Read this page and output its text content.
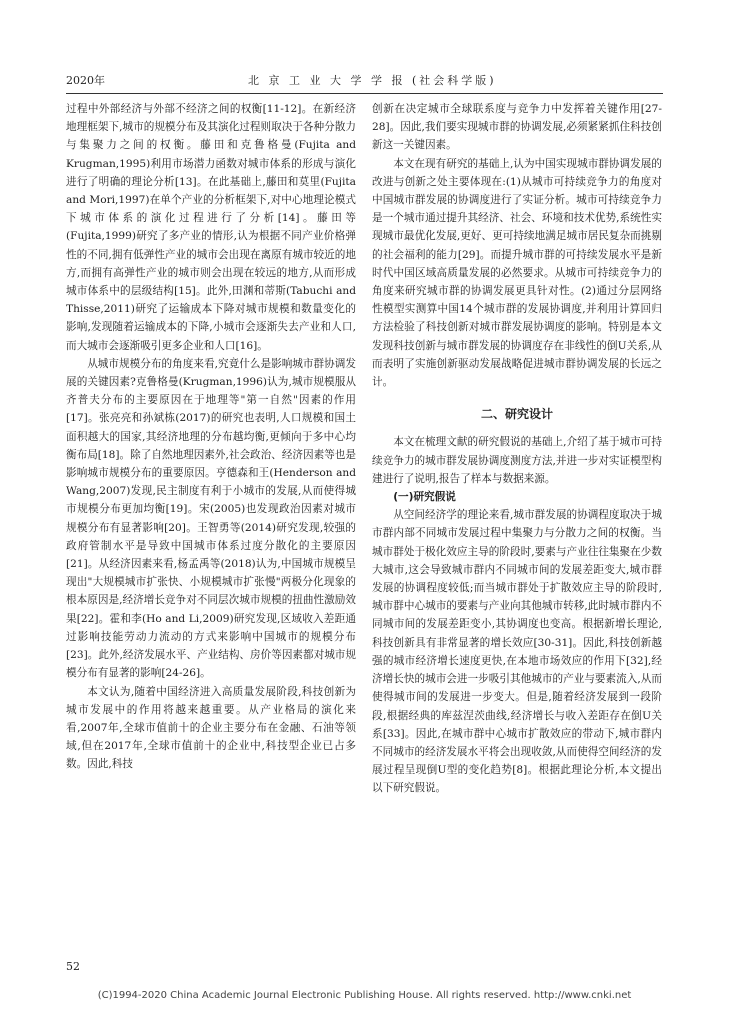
2020年	北 京 工 业 大 学 学 报 (社会科学版)

过程中外部经济与外部不经济之间的权衡[11-12]。在新经济地理框架下,城市的规模分布及其演化过程则取决于各种分散力与集聚力之间的权衡。藤田和克鲁格曼(Fujita and Krugman,1995)利用市场潜力函数对城市体系的形成与演化进行了明确的理论分析[13]。在此基础上,藤田和莫里(Fujita and Mori,1997)在单个产业的分析框架下,对中心地理论模式下城市体系的演化过程进行了分析[14]。藤田等(Fujita,1999)研究了多产业的情形,认为根据不同产业价格弹性的不同,拥有低弹性产业的城市会出现在离原有城市较近的地方,而拥有高弹性产业的城市则会出现在较远的地方,从而形成城市体系中的层级结构[15]。此外,田渊和蒂斯(Tabuchi and Thisse,2011)研究了运输成本下降对城市规模和数量变化的影响,发现随着运输成本的下降,小城市会逐渐失去产业和人口,而大城市会逐渐吸引更多企业和人口[16]。

从城市规模分布的角度来看,究竟什么是影响城市群协调发展的关键因素?克鲁格曼(Krugman,1996)认为,城市规模服从齐普夫分布的主要原因在于地理等"第一自然"因素的作用[17]。张亮亮和孙斌栋(2017)的研究也表明,人口规模和国土面积越大的国家,其经济地理的分布越均衡,更倾向于多中心均衡布局[18]。除了自然地理因素外,社会政治、经济因素等也是影响城市规模分布的重要原因。亨德森和王(Henderson and Wang,2007)发现,民主制度有利于小城市的发展,从而使得城市规模分布更加均衡[19]。宋(2005)也发现政治因素对城市规模分布有显著影响[20]。王智勇等(2014)研究发现,较强的政府管制水平是导致中国城市体系过度分散化的主要原因[21]。从经济因素来看,杨孟禹等(2018)认为,中国城市规模呈现出"大规模城市扩张快、小规模城市扩张慢"两极分化现象的根本原因是,经济增长竞争对不同层次城市规模的扭曲性激励效果[22]。霍和李(Ho and Li,2009)研究发现,区域收入差距通过影响技能劳动力流动的方式来影响中国城市的规模分布[23]。此外,经济发展水平、产业结构、房价等因素都对城市规模分布有显著的影响[24-26]。

本文认为,随着中国经济进入高质量发展阶段,科技创新为城市发展中的作用将越来越重要。从产业格局的演化来看,2007年,全球市值前十的企业主要分布在金融、石油等领域,但在2017年,全球市值前十的企业中,科技型企业已占多数。因此,科技

创新在决定城市全球联系度与竞争力中发挥着关键作用[27-28]。因此,我们要实现城市群的协调发展,必须紧紧抓住科技创新这一关键因素。

本文在现有研究的基础上,认为中国实现城市群协调发展的改进与创新之处主要体现在:(1)从城市可持续竞争力的角度对中国城市群发展的协调度进行了实证分析。城市可持续竞争力是一个城市通过提升其经济、社会、环境和技术优势,系统性实现城市最优化发展,更好、更可持续地满足城市居民复杂而挑剔的社会福利的能力[29]。而提升城市群的可持续发展水平是新时代中国区域高质量发展的必然要求。从城市可持续竞争力的角度来研究城市群的协调发展更具针对性。(2)通过分层网络性模型实测算中国14个城市群的发展协调度,并利用计算回归方法检验了科技创新对城市群发展协调度的影响。特别是本文发现科技创新与城市群发展的协调度存在非线性的倒U关系,从而表明了实施创新驱动发展战略促进城市群协调发展的长远之计。

二、研究设计

本文在梳理文献的研究假说的基础上,介绍了基于城市可持续竞争力的城市群发展协调度测度方法,并进一步对实证模型构建进行了说明,报告了样本与数据来源。

(一)研究假说

从空间经济学的理论来看,城市群发展的协调程度取决于城市群内部不同城市发展过程中集聚力与分散力之间的权衡。当城市群处于极化效应主导的阶段时,要素与产业往往集聚在少数大城市,这会导致城市群内不同城市间的发展差距变大,城市群发展的协调程度较低;而当城市群处于扩散效应主导的阶段时,城市群中心城市的要素与产业向其他城市转移,此时城市群内不同城市间的发展差距变小,其协调度也变高。根据新增长理论,科技创新具有非常显著的增长效应[30-31]。因此,科技创新越强的城市经济增长速度更快,在本地市场效应的作用下[32],经济增长快的城市会进一步吸引其他城市的产业与要素流入,从而使得城市间的发展进一步变大。但是,随着经济发展到一段阶段,根据经典的库兹涅茨曲线,经济增长与收入差距存在倒U关系[33]。因此,在城市群中心城市扩散效应的带动下,城市群内不同城市的经济发展水平将会出现收敛,从而使得空间经济的发展过程呈现倒U型的变化趋势[8]。根据此理论分析,本文提出以下研究假说。

52
(C)1994-2020 China Academic Journal Electronic Publishing House. All rights reserved. http://www.cnki.net
